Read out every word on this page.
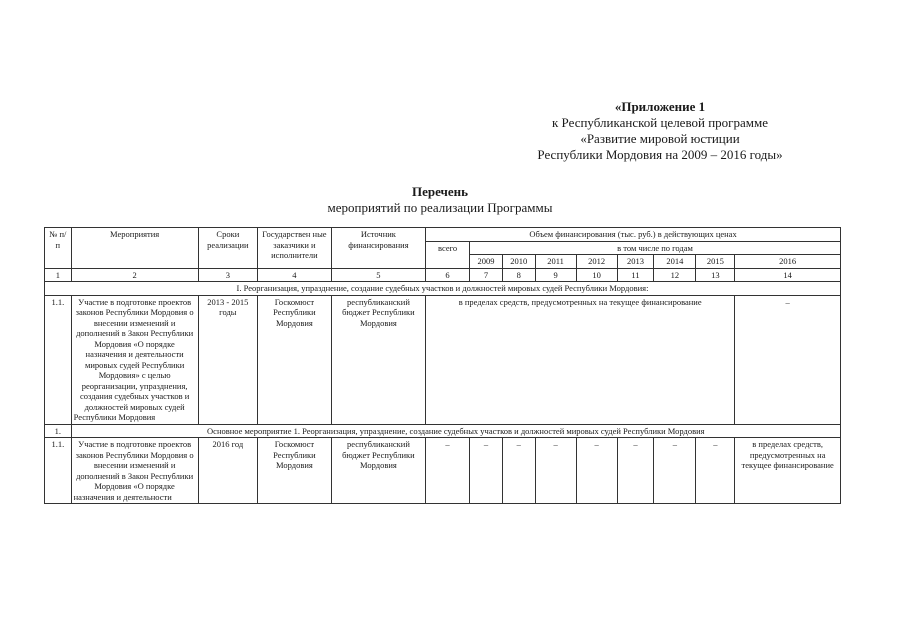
«Приложение 1
к Республиканской целевой программе
«Развитие мировой юстиции
Республики Мордовия на 2009 – 2016 годы»
Перечень
мероприятий по реализации Программы
№ п/п	Мероприятия	Сроки реализации	Государствен ные заказчики и исполнители	Источник финансирования	Объем финансирования (тыс. руб.) в действующих ценах								
					всего	в том числе по годам							
						2009	2010	2011	2012	2013	2014	2015	2016
1	2	3	4	5	6	7	8	9	10	11	12	13	14
I. Реорганизация, упразднение, создание судебных участков и должностей мировых судей Республики Мордовия:													
1.1.	Участие в подготовке проектов законов Республики Мордовия о внесении изменений и дополнений в Закон Республики Мордовия «О порядке назначения и деятельности мировых судей Республики Мордовия» с целью реорганизации, упразднения, создания судебных участков и должностей мировых судей Республики Мордовия	2013 - 2015 годы	Госкомюст Республики Мордовия	республиканский бюджет Республики Мордовия	в пределах средств, предусмотренных на текущее финансирование								–
1.	Основное мероприятие 1. Реорганизация, упразднение, создание судебных участков и должностей мировых судей Республики Мордовия												
1.1.	Участие в подготовке проектов законов Республики Мордовия о внесении изменений и дополнений в Закон Республики Мордовия «О порядке назначения и деятельности	2016 год	Госкомюст Республики Мордовия	республиканский бюджет Республики Мордовия	–	–	–	–	–	–	–	–	в пределах средств, предусмотренных на текущее финансирование
